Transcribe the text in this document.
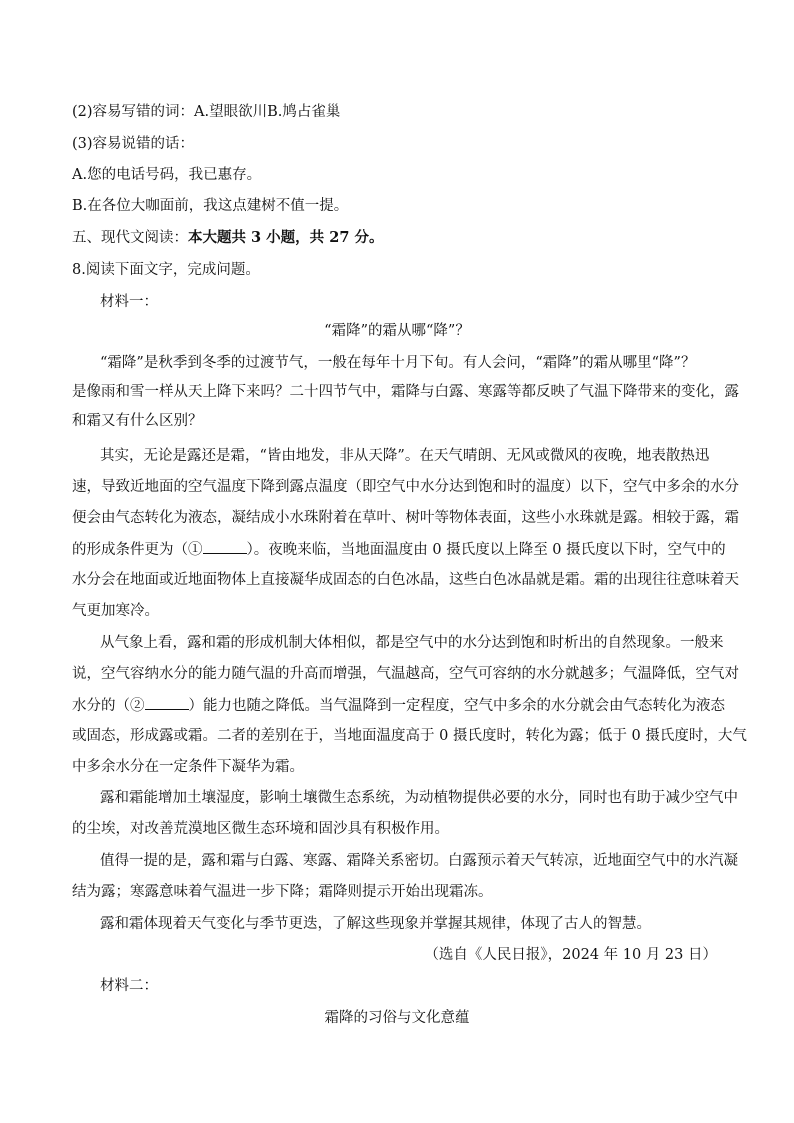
(2)容易写错的词：A.望眼欲川B.鸠占雀巢
(3)容易说错的话：
A.您的电话号码，我已惠存。
B.在各位大咖面前，我这点建树不值一提。
五、现代文阅读：本大题共 3 小题，共 27 分。
8.阅读下面文字，完成问题。
材料一：
“霜降”的霜从哪“降”？
“霜降”是秋季到冬季的过渡节气，一般在每年十月下旬。有人会问，“霜降”的霜从哪里“降”？
是像雨和雪一样从天上降下来吗？二十四节气中，霜降与白露、寒露等都反映了气温下降带来的变化，露
和霜又有什么区别？
其实，无论是露还是霜，“皆由地发，非从天降”。在天气晴朗、无风或微风的夜晚，地表散热迅
速，导致近地面的空气温度下降到露点温度（即空气中水分达到饱和时的温度）以下，空气中多余的水分
便会由气态转化为液态，凝结成小水珠附着在草叶、树叶等物体表面，这些小水珠就是露。相较于露，霜
的形成条件更为（①	）。夜晚来临，当地面温度由 0 摄氏度以上降至 0 摄氏度以下时，空气中的
水分会在地面或近地面物体上直接凝华成固态的白色冰晶，这些白色冰晶就是霜。霜的出现往往意味着天
气更加寒冷。
从气象上看，露和霜的形成机制大体相似，都是空气中的水分达到饱和时析出的自然现象。一般来
说，空气容纳水分的能力随气温的升高而增强，气温越高，空气可容纳的水分就越多；气温降低，空气对
水分的（②	）能力也随之降低。当气温降到一定程度，空气中多余的水分就会由气态转化为液态
或固态，形成露或霜。二者的差别在于，当地面温度高于 0 摄氏度时，转化为露；低于 0 摄氏度时，大气
中多余水分在一定条件下凝华为霜。
露和霜能增加土壤湿度，影响土壤微生态系统，为动植物提供必要的水分，同时也有助于减少空气中
的尘埃，对改善荒漠地区微生态环境和固沙具有积极作用。
值得一提的是，露和霜与白露、寒露、霜降关系密切。白露预示着天气转凉，近地面空气中的水汽凝
结为露；寒露意味着气温进一步下降；霜降则提示开始出现霜冻。
露和霜体现着天气变化与季节更迭，了解这些现象并掌握其规律，体现了古人的智慧。
（选自《人民日报》，2024 年 10 月 23 日）
材料二：
霜降的习俗与文化意蕴
